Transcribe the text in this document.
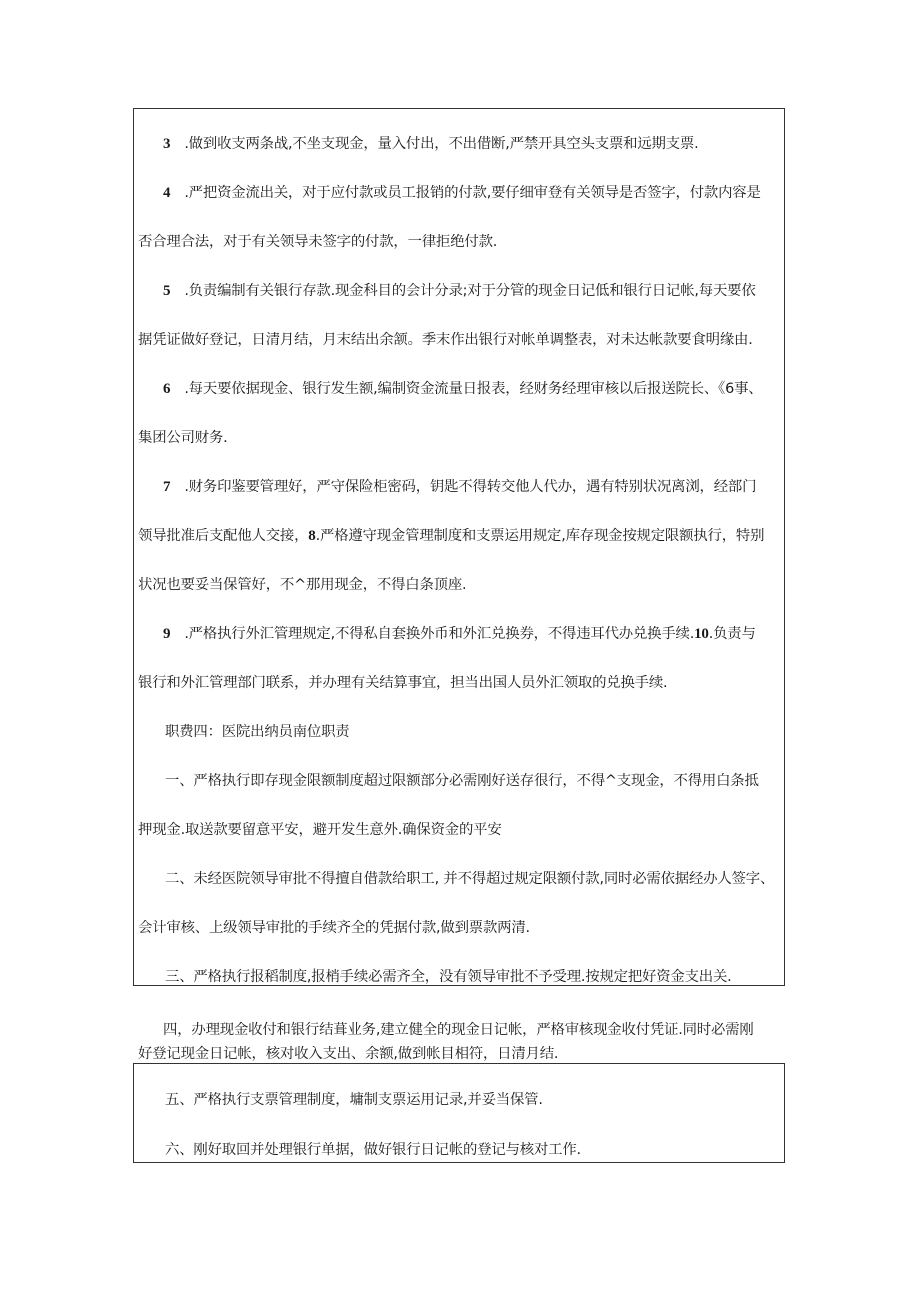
3 .做到收支两条战,不坐支现金，量入付出，不出借断,严禁开具空头支票和远期支票.
4 .严把资金流出关，对于应付款或员工报销的付款,要仔细审登有关领导是否签字，付款内容是
否合理合法，对于有关领导未签字的付款，一律拒绝付款.
5 .负责编制有关银行存款.现金科目的会计分录;对于分管的现金日记低和银行日记帐,每天要依
据凭证做好登记，日清月结，月末结出余颔。季末作出银行对帐单调整表，对未达帐款要食明缘由.
6 .每天要依据现金、银行发生额,编制资金流量日报表，经财务经理审核以后报送院长、《6事、
集团公司财务.
7 .财务印鉴要管理好，严守保险柜密码，钥匙不得转交他人代办，遇有特别状况离浏，经部门
领导批准后支配他人交接，8.严格遵守现金管理制度和支票运用规定,库存现金按规定限额执行，特别
状况也要妥当保管好，不^那用现金，不得白条顶座.
9 .严格执行外汇管理规定,不得私自套换外币和外汇兑换券，不得违耳代办兑换手续.10.负责与
银行和外汇管理部门联系，并办理有关结算事宜，担当出国人员外汇领取的兑换手续.
职费四：医院出纳员南位职责
一、严格执行即存现金限额制度超过限额部分必需刚好送存很行，不得^支现金，不得用白条抵
押现金.取送款要留意平安，避开发生意外.确保资金的平安
二、未经医院领导审批不得擅自借款给职工, 并不得超过规定限额付款,同时必需依据经办人签字、
会计审核、上级领导审批的手续齐全的凭据付款,做到票款两清.
三、严格执行报稻制度,报梢手续必需齐全，没有领导审批不予受理.按规定把好资金支出关.
四，办理现金收付和银行结葺业务,建立健全的现金日记帐，严格审核现金收付凭证.同时必需刚
好登记现金日记帐，核对收入支出、余额,做到帐目相符，日清月结.
五、严格执行支票管理制度，墉制支票运用记录,并妥当保管.
六、刚好取回并处理银行单据，做好银行日记帐的登记与核对工作.
